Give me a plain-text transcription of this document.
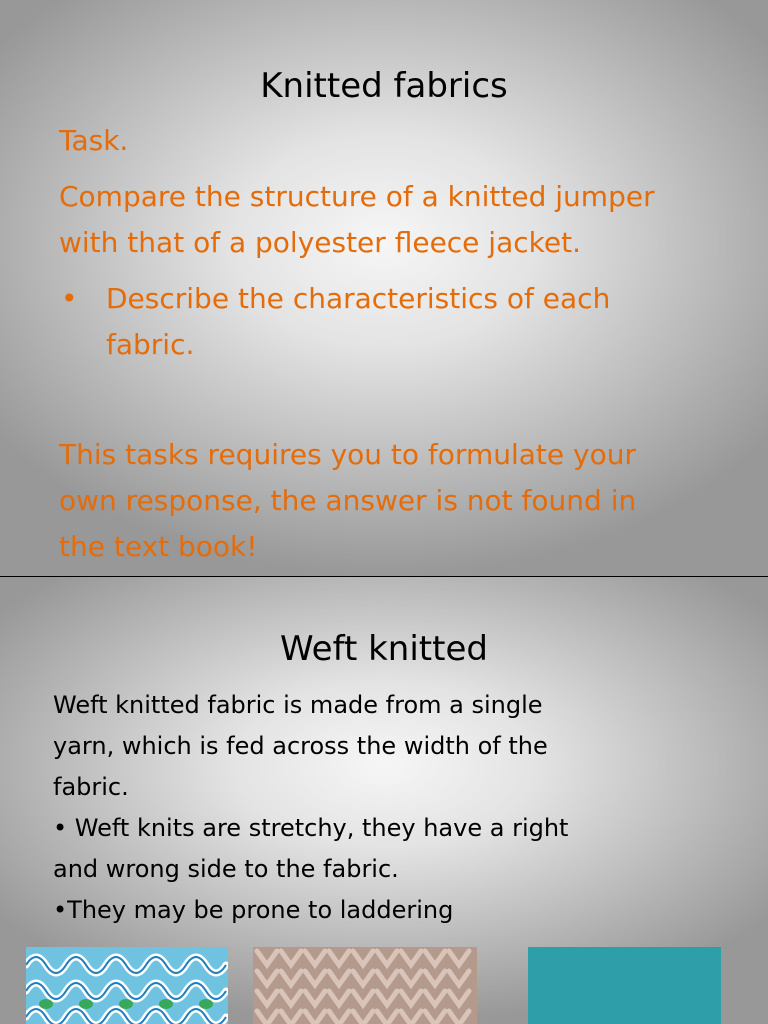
Knitted fabrics

Task.

Compare the structure of a knitted jumper

with that of a polyester fleece jacket.

• Describe the characteristics of each

fabric.

This tasks requires you to formulate your

own response, the answer is not found in

the text book!

Weft knitted

Weft knitted fabric is made from a single

yarn, which is fed across the width of the

fabric.

• Weft knits are stretchy, they have a right

and wrong side to the fabric.

•They may be prone to laddering
